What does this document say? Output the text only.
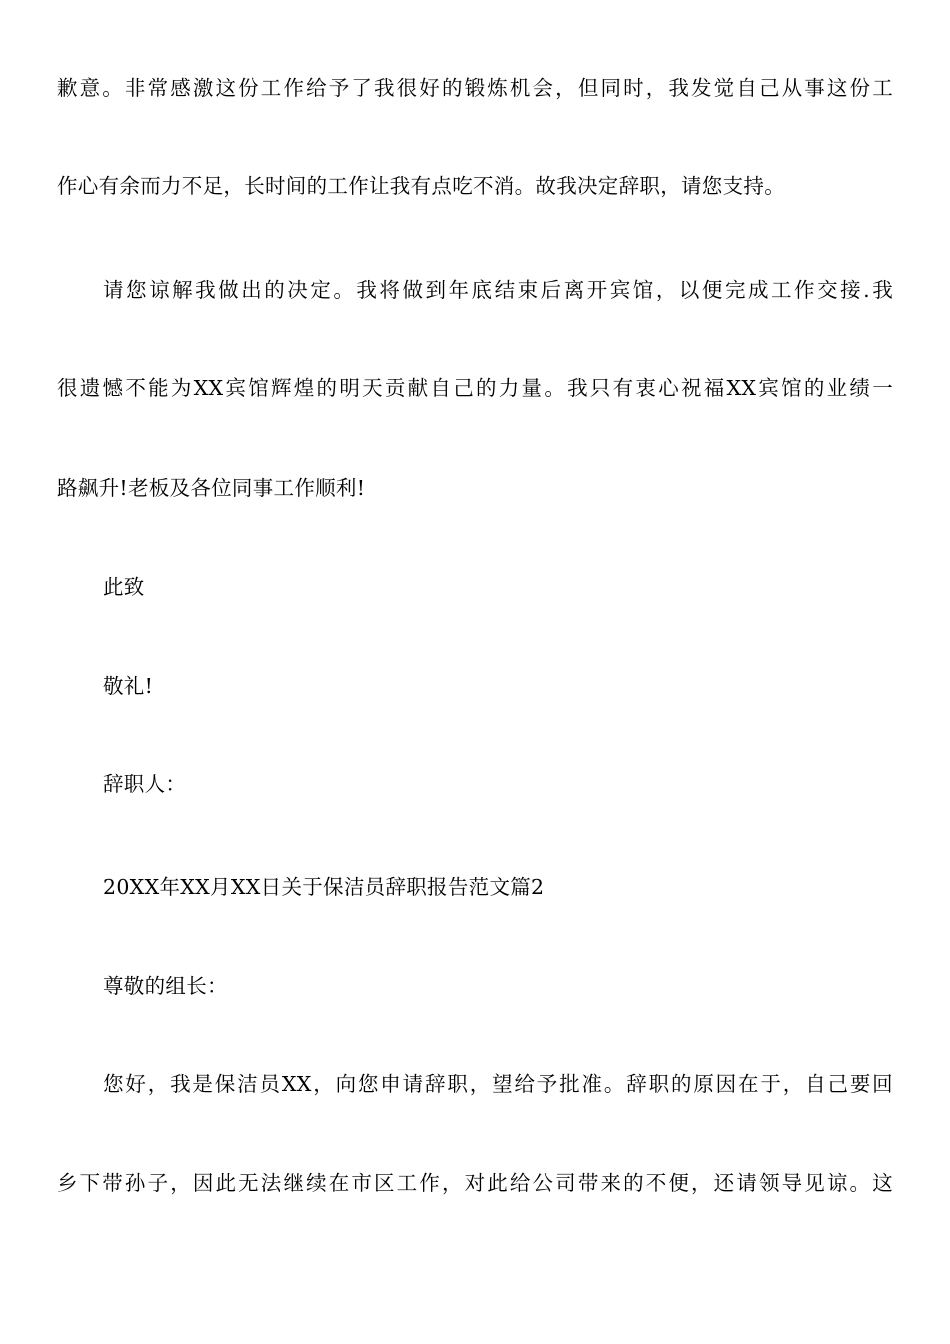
歉意。非常感激这份工作给予了我很好的锻炼机会，但同时，我发觉自己从事这份工
作心有余而力不足，长时间的工作让我有点吃不消。故我决定辞职，请您支持。
请您谅解我做出的决定。我将做到年底结束后离开宾馆，以便完成工作交接.我
很遗憾不能为XX宾馆辉煌的明天贡献自己的力量。我只有衷心祝福XX宾馆的业绩一
路飙升!老板及各位同事工作顺利!
此致
敬礼!
辞职人：
20XX年XX月XX日关于保洁员辞职报告范文篇2
尊敬的组长：
您好，我是保洁员XX，向您申请辞职，望给予批准。辞职的原因在于，自己要回
乡下带孙子，因此无法继续在市区工作，对此给公司带来的不便，还请领导见谅。这
